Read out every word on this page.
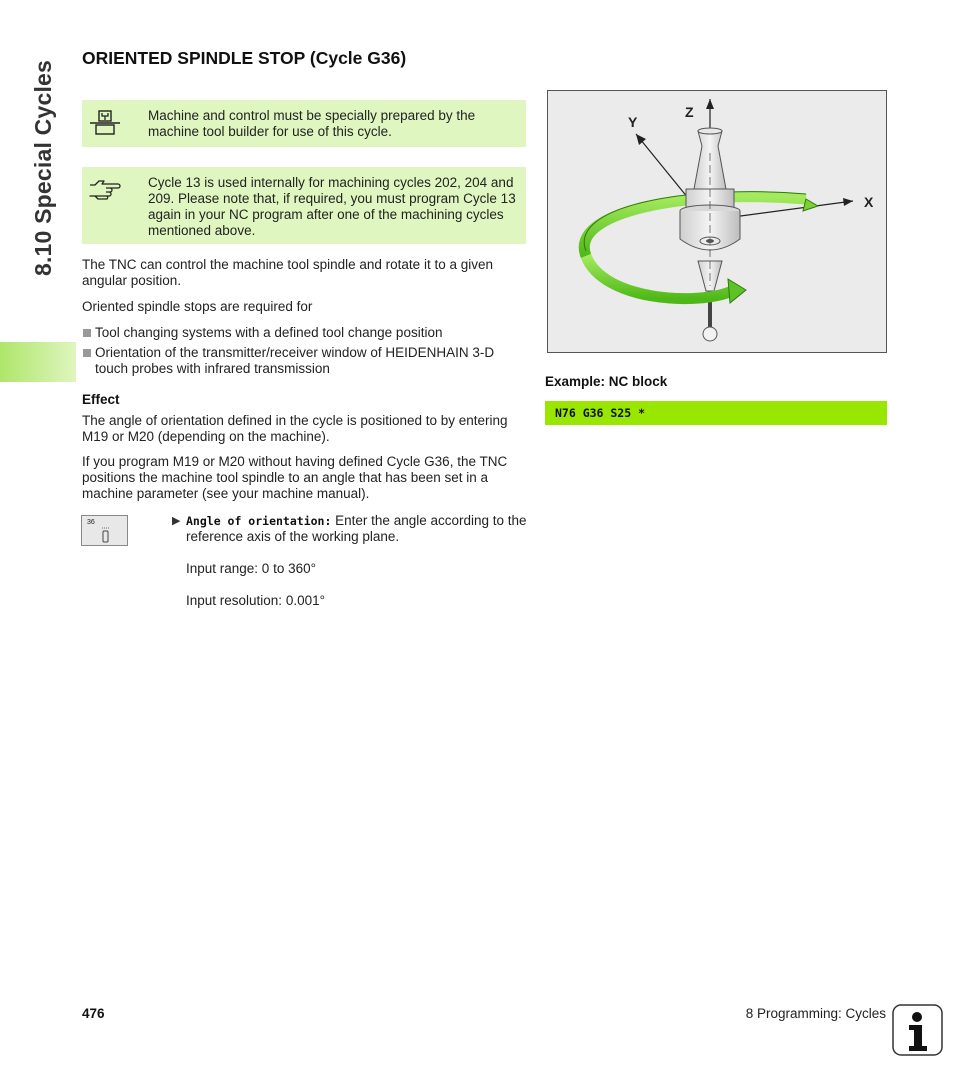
8.10 Special Cycles
ORIENTED SPINDLE STOP (Cycle G36)
Machine and control must be specially prepared by the machine tool builder for use of this cycle.
Cycle 13 is used internally for machining cycles 202, 204 and 209. Please note that, if required, you must program Cycle 13 again in your NC program after one of the machining cycles mentioned above.
The TNC can control the machine tool spindle and rotate it to a given angular position.
Oriented spindle stops are required for
Tool changing systems with a defined tool change position
Orientation of the transmitter/receiver window of HEIDENHAIN 3-D touch probes with infrared transmission
Effect
The angle of orientation defined in the cycle is positioned to by entering M19 or M20 (depending on the machine).
If you program M19 or M20 without having defined Cycle G36, the TNC positions the machine tool spindle to an angle that has been set in a machine parameter (see your machine manual).
36	▶ Angle of orientation: Enter the angle according to the reference axis of the working plane.
Input range: 0 to 360°
Input resolution: 0.001°
Z
Y
X
Example: NC block
N76 G36 S25 *
476	8 Programming: Cycles
